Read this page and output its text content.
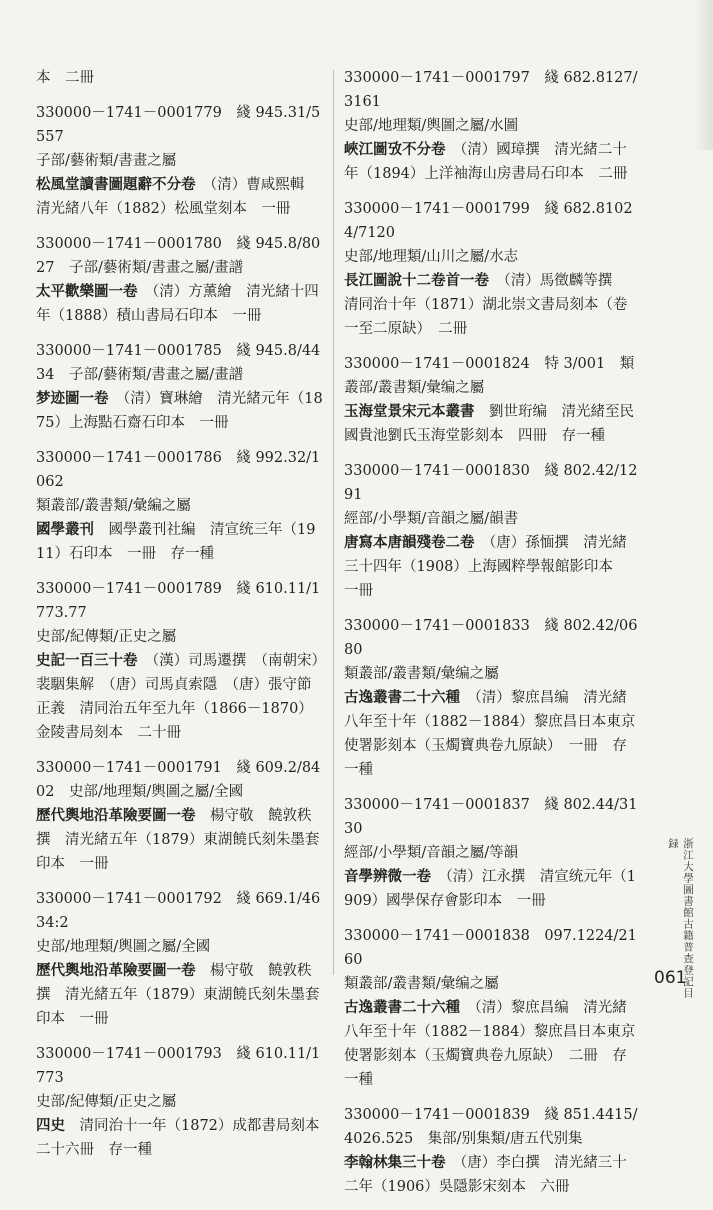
本　二冊

330000－1741－0001779　綫 945.31/5557

子部/藝術類/書畫之屬

松風堂讀書圖題辭不分卷　（清）曹咸熙輯　清光緒八年（1882）松風堂刻本　一冊

330000－1741－0001780　綫 945.8/8027　子部/藝術類/書畫之屬/畫譜

太平歡樂圖一卷　（清）方薰繪　清光緒十四年（1888）積山書局石印本　一冊

330000－1741－0001785　綫 945.8/4434　子部/藝術類/書畫之屬/畫譜

梦迹圖一卷　（清）寶琳繪　清光緒元年（1875）上海點石齋石印本　一冊

330000－1741－0001786　綫 992.32/1062

類叢部/叢書類/彙編之屬

國學叢刊　國學叢刊社編　清宣统三年（1911）石印本　一冊　存一種

330000－1741－0001789　綫 610.11/1773.77

史部/紀傳類/正史之屬

史記一百三十卷　（漢）司馬遷撰　（南朝宋）裴駰集解　（唐）司馬貞索隱　（唐）張守節正義　清同治五年至九年（1866－1870）金陵書局刻本　二十冊

330000－1741－0001791　綫 609.2/8402　史部/地理類/輿圖之屬/全國

歷代輿地沿革險要圖一卷　楊守敬　饒敦秩撰　清光緒五年（1879）東湖饒氏刻朱墨套印本　一冊

330000－1741－0001792　綫 669.1/4634:2

史部/地理類/輿圖之屬/全國

歷代輿地沿革險要圖一卷　楊守敬　饒敦秩撰　清光緒五年（1879）東湖饒氏刻朱墨套印本　一冊

330000－1741－0001793　綫 610.11/1773

史部/紀傳類/正史之屬

四史　清同治十一年（1872）成都書局刻本　二十六冊　存一種

330000－1741－0001797　綫 682.8127/3161

史部/地理類/輿圖之屬/水圖

峽江圖攷不分卷　（清）國璋撰　清光緒二十年（1894）上洋袖海山房書局石印本　二冊

330000－1741－0001799　綫 682.81024/7120

史部/地理類/山川之屬/水志

長江圖說十二卷首一卷　（清）馬徵麟等撰　清同治十年（1871）湖北崇文書局刻本（卷一至二原缺）　二冊

330000－1741－0001824　特 3/001　類叢部/叢書類/彙编之屬

玉海堂景宋元本叢書　劉世珩编　清光緒至民國貴池劉氏玉海堂影刻本　四冊　存一種

330000－1741－0001830　綫 802.42/1291

經部/小學類/音韻之屬/韻書

唐寫本唐韻殘卷二卷　（唐）孫愐撰　清光緒三十四年（1908）上海國粹學報館影印本　一冊

330000－1741－0001833　綫 802.42/0680

類叢部/叢書類/彙编之屬

古逸叢書二十六種　（清）黎庶昌编　清光緒八年至十年（1882－1884）黎庶昌日本東京使署影刻本（玉燭寶典卷九原缺）　一冊　存一種

330000－1741－0001837　綫 802.44/3130

經部/小學類/音韻之屬/等韻

音學辨微一卷　（清）江永撰　清宣统元年（1909）國學保存會影印本　一冊

330000－1741－0001838　097.1224/2160

類叢部/叢書類/彙编之屬

古逸叢書二十六種　（清）黎庶昌编　清光緒八年至十年（1882－1884）黎庶昌日本東京使署影刻本（玉燭寶典卷九原缺）　二冊　存一種

330000－1741－0001839　綫 851.4415/4026.525　集部/别集類/唐五代别集

李翰林集三十卷　（唐）李白撰　清光緒三十二年（1906）吳隱影宋刻本　六冊

浙江大學圖書館古籍普查登記目録
061
